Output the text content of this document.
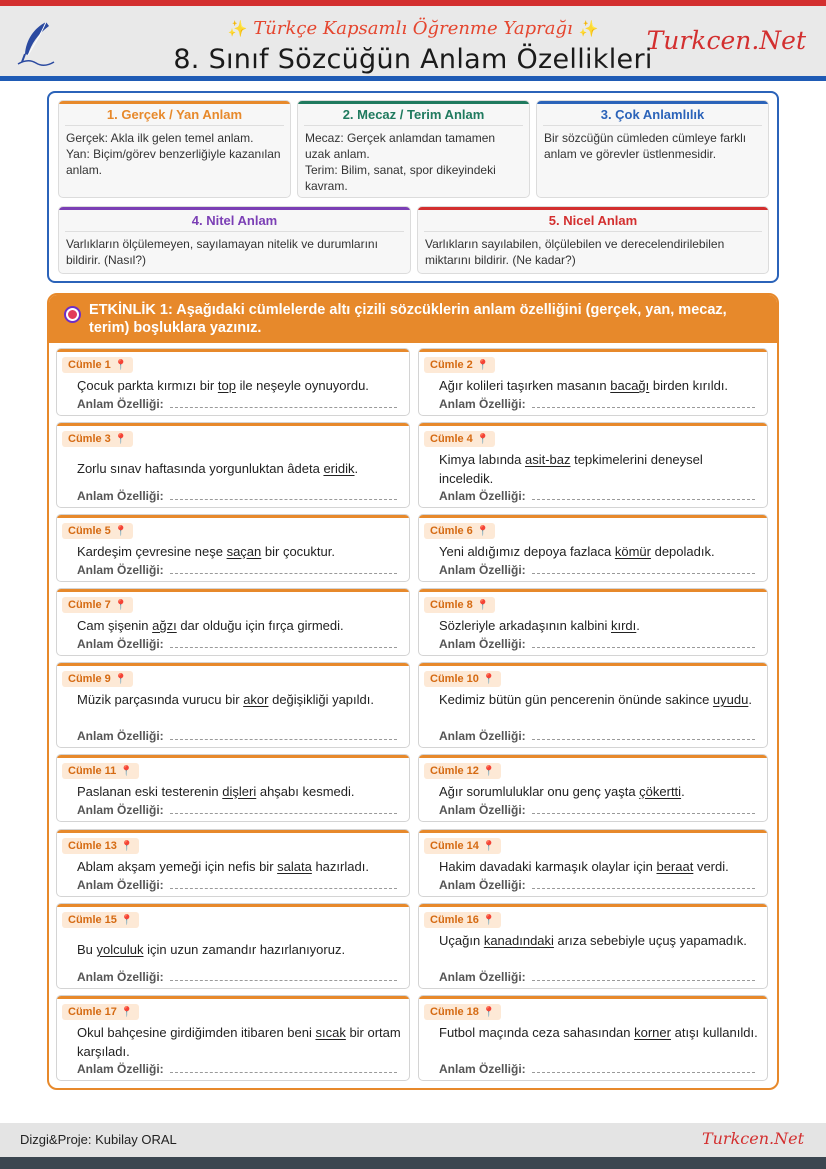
✨ Türkçe Kapsamlı Öğrenme Yaprağı ✨
8. Sınıf Sözcüğün Anlam Özellikleri
Turkcen.Net
1. Gerçek / Yan Anlam
Gerçek: Akla ilk gelen temel anlam.
Yan: Biçim/görev benzerliğiyle kazanılan anlam.
2. Mecaz / Terim Anlam
Mecaz: Gerçek anlamdan tamamen uzak anlam.
Terim: Bilim, sanat, spor dikeyindeki kavram.
3. Çok Anlamlılık
Bir sözcüğün cümleden cümleye farklı anlam ve görevler üstlenmesidir.
4. Nitel Anlam
Varlıkların ölçülemeyen, sayılamayan nitelik ve durumlarını bildirir. (Nasıl?)
5. Nicel Anlam
Varlıkların sayılabilen, ölçülebilen ve derecelendirilebilen miktarını bildirir. (Ne kadar?)
ETKİNLİK 1: Aşağıdaki cümlelerde altı çizili sözcüklerin anlam özelliğini (gerçek, yan, mecaz, terim) boşluklara yazınız.
Cümle 1 📍
Çocuk parkta kırmızı bir top ile neşeyle oynuyordu.
Anlam Özelliği:
Cümle 2 📍
Ağır kolileri taşırken masanın bacağı birden kırıldı.
Anlam Özelliği:
Cümle 3 📍
Zorlu sınav haftasında yorgunluktan âdeta eridik.
Anlam Özelliği:
Cümle 4 📍
Kimya labında asit-baz tepkimelerini deneysel inceledik.
Anlam Özelliği:
Cümle 5 📍
Kardeşim çevresine neşe saçan bir çocuktur.
Anlam Özelliği:
Cümle 6 📍
Yeni aldığımız depoya fazlaca kömür depoladık.
Anlam Özelliği:
Cümle 7 📍
Cam şişenin ağzı dar olduğu için fırça girmedi.
Anlam Özelliği:
Cümle 8 📍
Sözleriyle arkadaşının kalbini kırdı.
Anlam Özelliği:
Cümle 9 📍
Müzik parçasında vurucu bir akor değişikliği yapıldı.
Anlam Özelliği:
Cümle 10 📍
Kedimiz bütün gün pencerenin önünde sakince uyudu.
Anlam Özelliği:
Cümle 11 📍
Paslanan eski testerenin dişleri ahşabı kesmedi.
Anlam Özelliği:
Cümle 12 📍
Ağır sorumluluklar onu genç yaşta çökertti.
Anlam Özelliği:
Cümle 13 📍
Ablam akşam yemeği için nefis bir salata hazırladı.
Anlam Özelliği:
Cümle 14 📍
Hakim davadaki karmaşık olaylar için beraat verdi.
Anlam Özelliği:
Cümle 15 📍
Bu yolculuk için uzun zamandır hazırlanıyoruz.
Anlam Özelliği:
Cümle 16 📍
Uçağın kanadındaki arıza sebebiyle uçuş yapamadık.
Anlam Özelliği:
Cümle 17 📍
Okul bahçesine girdiğimden itibaren beni sıcak bir ortam karşıladı.
Anlam Özelliği:
Cümle 18 📍
Futbol maçında ceza sahasından korner atışı kullanıldı.
Anlam Özelliği:
Dizgi&Proje: Kubilay ORAL	Turkcen.Net
